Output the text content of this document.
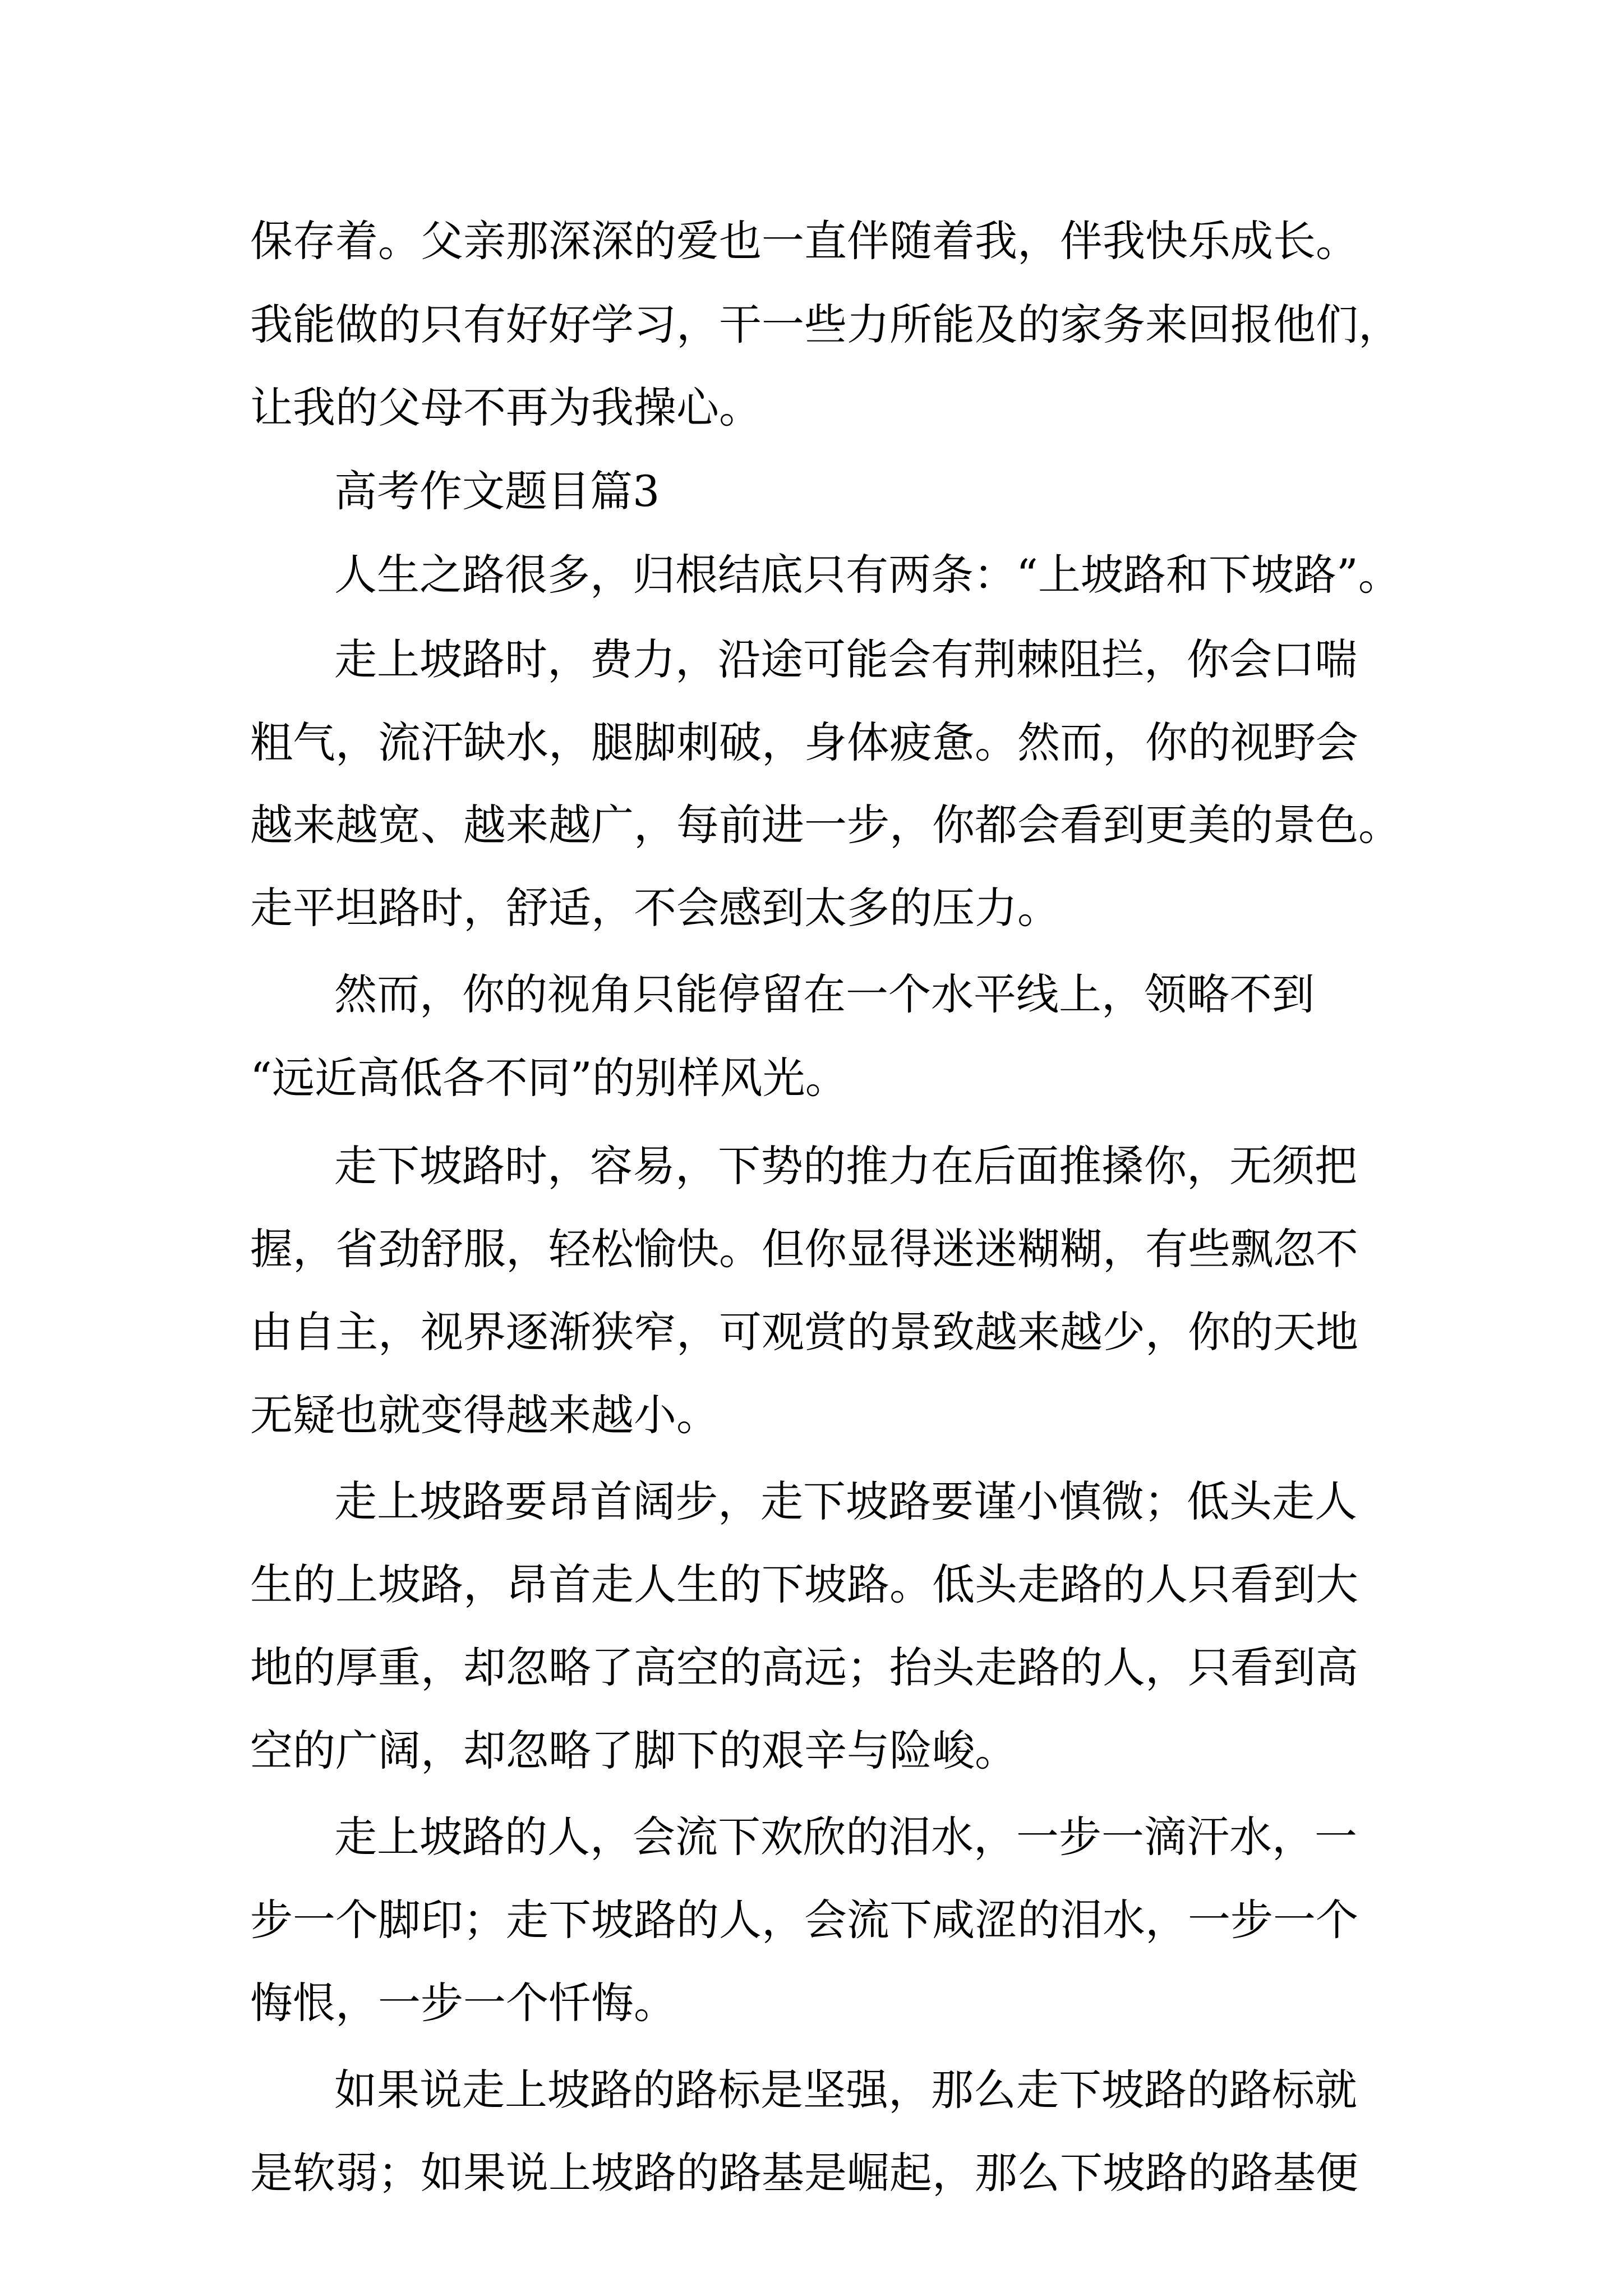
保存着。父亲那深深的爱也一直伴随着我，伴我快乐成长。
我能做的只有好好学习，干一些力所能及的家务来回报他们，
让我的父母不再为我操心。
高考作文题目篇3
人生之路很多，归根结底只有两条：“上坡路和下坡路”。
走上坡路时，费力，沿途可能会有荆棘阻拦，你会口喘
粗气，流汗缺水，腿脚刺破，身体疲惫。然而，你的视野会
越来越宽、越来越广，每前进一步，你都会看到更美的景色。
走平坦路时，舒适，不会感到太多的压力。
然而，你的视角只能停留在一个水平线上，领略不到
“远近高低各不同”的别样风光。
走下坡路时，容易，下势的推力在后面推搡你，无须把
握，省劲舒服，轻松愉快。但你显得迷迷糊糊，有些飘忽不
由自主，视界逐渐狭窄，可观赏的景致越来越少，你的天地
无疑也就变得越来越小。
走上坡路要昂首阔步，走下坡路要谨小慎微；低头走人
生的上坡路，昂首走人生的下坡路。低头走路的人只看到大
地的厚重，却忽略了高空的高远；抬头走路的人，只看到高
空的广阔，却忽略了脚下的艰辛与险峻。
走上坡路的人，会流下欢欣的泪水，一步一滴汗水，一
步一个脚印；走下坡路的人，会流下咸涩的泪水，一步一个
悔恨，一步一个忏悔。
如果说走上坡路的路标是坚强，那么走下坡路的路标就
是软弱；如果说上坡路的路基是崛起，那么下坡路的路基便
